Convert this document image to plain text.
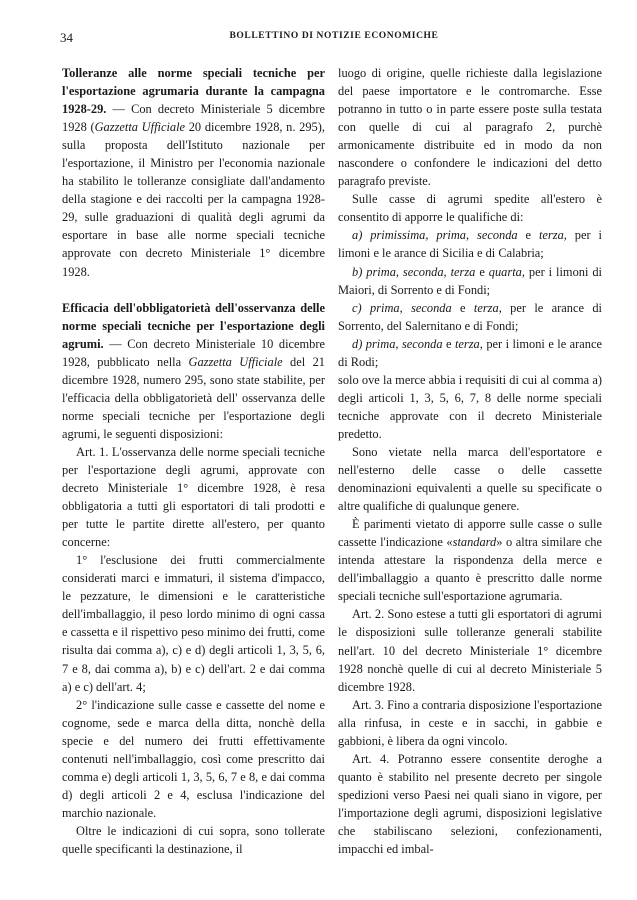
34	BOLLETTINO DI NOTIZIE ECONOMICHE

Tolleranze alle norme speciali tecniche per l'esportazione agrumaria durante la campagna 1928-29. — Con decreto Ministeriale 5 dicembre 1928 (Gazzetta Ufficiale 20 dicembre 1928, n. 295), sulla proposta dell'Istituto nazionale per l'esportazione, il Ministro per l'economia nazionale ha stabilito le tolleranze consigliate dall'andamento della stagione e dei raccolti per la campagna 1928-29, sulle graduazioni di qualità degli agrumi da esportare in base alle norme speciali tecniche approvate con decreto Ministeriale 1° dicembre 1928.

Efficacia dell'obbligatorietà dell'osservanza delle norme speciali tecniche per l'esportazione degli agrumi. — Con decreto Ministeriale 10 dicembre 1928, pubblicato nella Gazzetta Ufficiale del 21 dicembre 1928, numero 295, sono state stabilite, per l'efficacia della obbligatorietà dell' osservanza delle norme speciali tecniche per l'esportazione degli agrumi, le seguenti disposizioni:

Art. 1. L'osservanza delle norme speciali tecniche per l'esportazione degli agrumi, approvate con decreto Ministeriale 1° dicembre 1928, è resa obbligatoria a tutti gli esportatori di tali prodotti e per tutte le partite dirette all'estero, per quanto concerne:

1° l'esclusione dei frutti commercialmente considerati marci e immaturi, il sistema d'impacco, le pezzature, le dimensioni e le caratteristiche dell'imballaggio, il peso lordo minimo di ogni cassa e cassetta e il rispettivo peso minimo dei frutti, come risulta dai comma a), c) e d) degli articoli 1, 3, 5, 6, 7 e 8, dai comma a), b) e c) dell'art. 2 e dai comma a) e c) dell'art. 4;

2° l'indicazione sulle casse e cassette del nome e cognome, sede e marca della ditta, nonchè della specie e del numero dei frutti effettivamente contenuti nell'imballaggio, così come prescritto dai comma e) degli articoli 1, 3, 5, 6, 7 e 8, e dai comma d) degli articoli 2 e 4, esclusa l'indicazione del marchio nazionale.

Oltre le indicazioni di cui sopra, sono tollerate quelle specificanti la destinazione, il

luogo di origine, quelle richieste dalla legislazione del paese importatore e le contromarche. Esse potranno in tutto o in parte essere poste sulla testata con quelle di cui al paragrafo 2, purchè armonicamente distribuite ed in modo da non nascondere o confondere le indicazioni del detto paragrafo previste.

Sulle casse di agrumi spedite all'estero è consentito di apporre le qualifiche di:

a) primissima, prima, seconda e terza, per i limoni e le arance di Sicilia e di Calabria;

b) prima, seconda, terza e quarta, per i limoni di Maiori, di Sorrento e di Fondi;

c) prima, seconda e terza, per le arance di Sorrento, del Salernitano e di Fondi;

d) prima, seconda e terza, per i limoni e le arance di Rodi;

solo ove la merce abbia i requisiti di cui al comma a) degli articoli 1, 3, 5, 6, 7, 8 delle norme speciali tecniche approvate con il decreto Ministeriale predetto.

Sono vietate nella marca dell'esportatore e nell'esterno delle casse o delle cassette denominazioni equivalenti a quelle su specificate o altre qualifiche di qualunque genere.

È parimenti vietato di apporre sulle casse o sulle cassette l'indicazione «standard» o altra similare che intenda attestare la rispondenza della merce e dell'imballaggio a quanto è prescritto dalle norme speciali tecniche sull'esportazione agrumaria.

Art. 2. Sono estese a tutti gli esportatori di agrumi le disposizioni sulle tolleranze generali stabilite nell'art. 10 del decreto Ministeriale 1° dicembre 1928 nonchè quelle di cui al decreto Ministeriale 5 dicembre 1928.

Art. 3. Fino a contraria disposizione l'esportazione alla rinfusa, in ceste e in sacchi, in gabbie e gabbioni, è libera da ogni vincolo.

Art. 4. Potranno essere consentite deroghe a quanto è stabilito nel presente decreto per singole spedizioni verso Paesi nei quali siano in vigore, per l'importazione degli agrumi, disposizioni legislative che stabiliscano selezioni, confezionamenti, impacchi ed imbal-
